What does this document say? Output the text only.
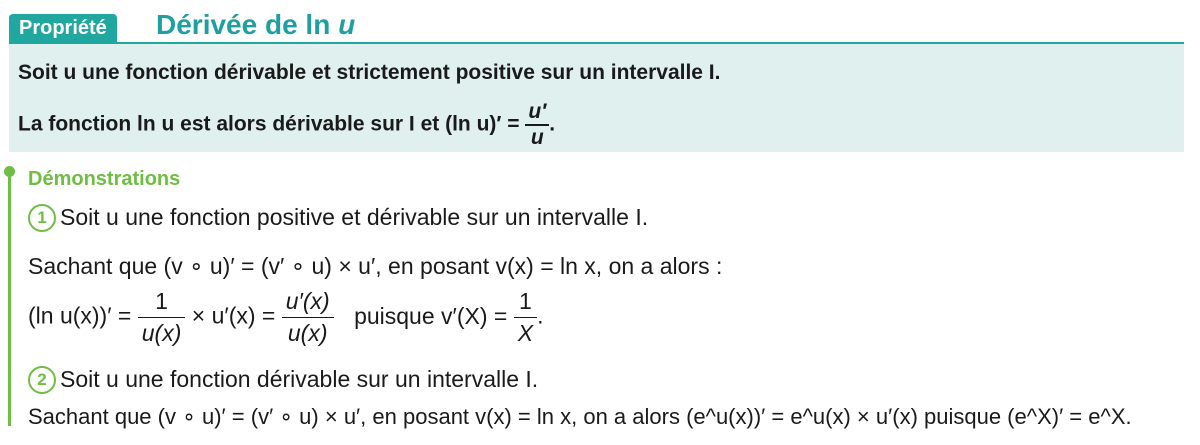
Propriété	Dérivée de ln u
Soit u une fonction dérivable et strictement positive sur un intervalle I.
La fonction ln u est alors dérivable sur I et (ln $u)' = \frac{u'}{u}$ .
Démonstrations
1 Soit u une fonction positive et dérivable sur un intervalle I.
Sachant que (v ∘ u)′ = (v′ ∘ u) × u′, en posant v(x) = ln x, on a alors :
(ln $u(x))' = \frac{1}{u(x)} \times u'(x) = \frac{u'(x)}{u(x)}$ puisque $v'(X) = \frac{1}{X}$ .
2 Soit u une fonction dérivable sur un intervalle I.
Sachant que (v ∘ u)′ = (v′ ∘ u) × u′, en posant v(x) = ln x, on a alors (e^u(x))′ = e^u(x) × u′(x) puisque (e^X)′ = e^X.
